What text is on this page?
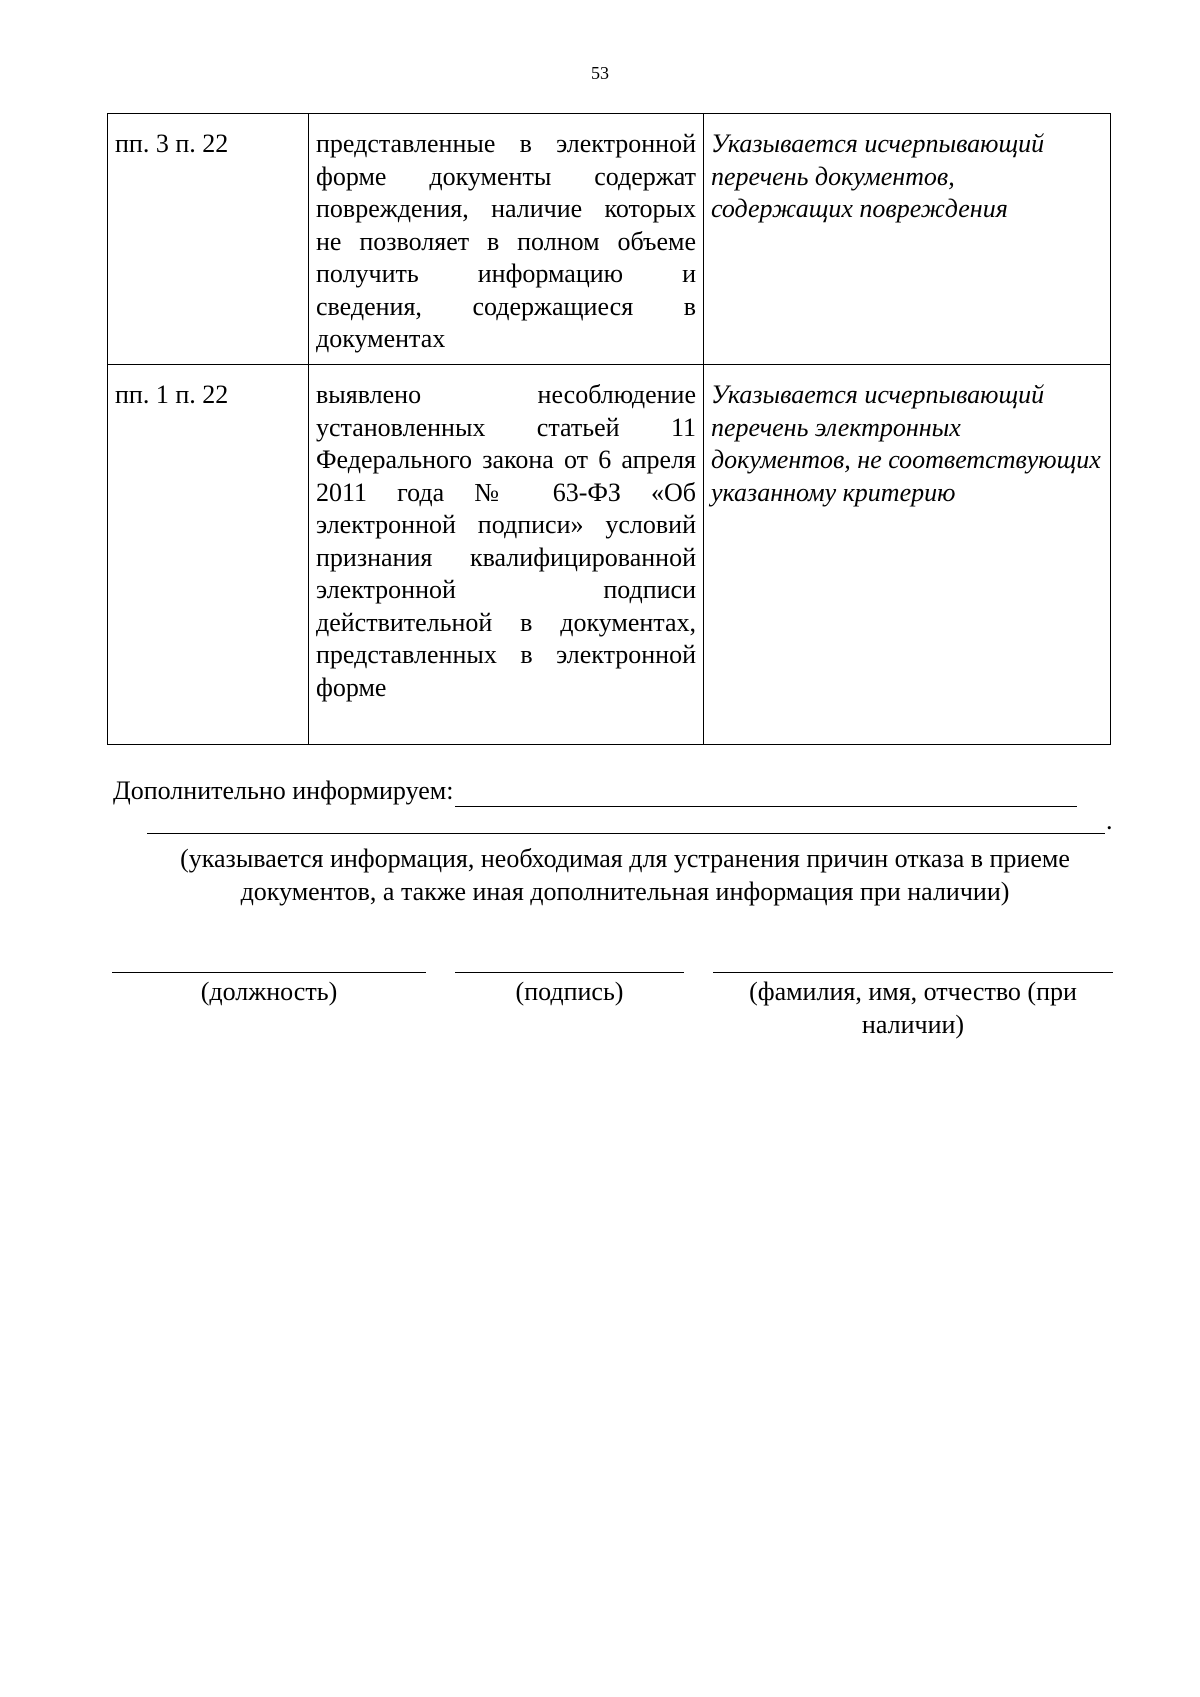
53
пп. 3 п. 22	представленные в электронной форме документы содержат повреждения, наличие которых не позволяет в полном объеме получить информацию и сведения, содержащиеся в документах	Указывается исчерпывающий перечень документов, содержащих повреждения
пп. 1 п. 22	выявлено несоблюдение установленных статьей 11 Федерального закона от 6 апреля 2011 года № 63-ФЗ «Об электронной подписи» условий признания квалифицированной электронной подписи действительной в документах, представленных в электронной форме	Указывается исчерпывающий перечень электронных документов, не соответствующих указанному критерию
Дополнительно информируем:
.
(указывается информация, необходимая для устранения причин отказа в приеме
документов, а также иная дополнительная информация при наличии)
(должность)	(подпись)	(фамилия, имя, отчество (при
наличии)
